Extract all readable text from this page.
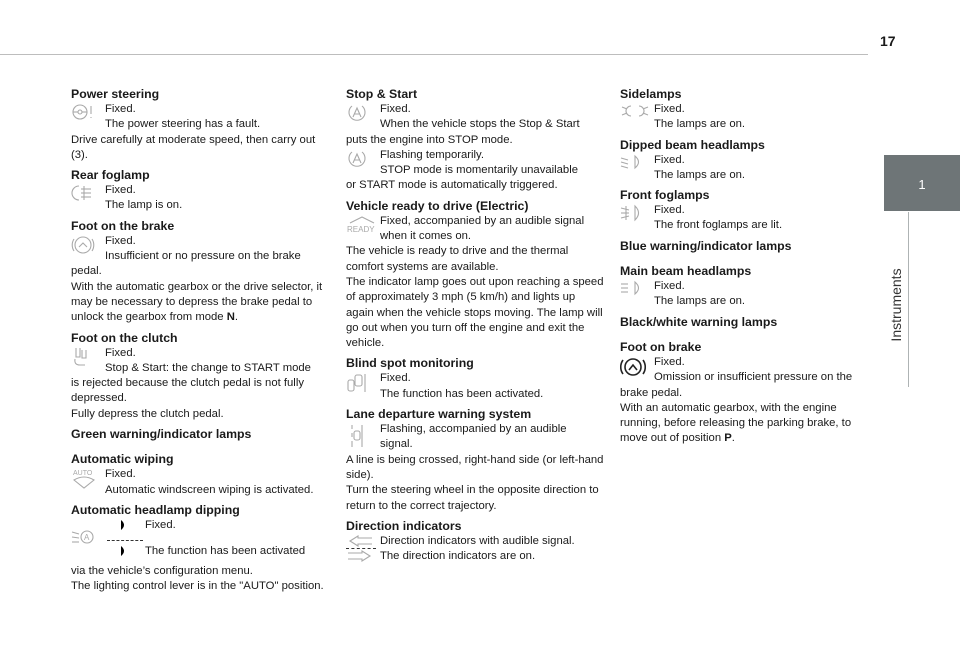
17
1
Instruments

Power steering

Fixed.

The power steering has a fault.

Drive carefully at moderate speed, then carry out (3).

Rear foglamp

Fixed.

The lamp is on.

Foot on the brake

Fixed.

Insufficient or no pressure on the brake

pedal.

With the automatic gearbox or the drive selector, it may be necessary to depress the brake pedal to unlock the gearbox from mode N.

Foot on the clutch

Fixed.

Stop & Start: the change to START mode

is rejected because the clutch pedal is not fully depressed.

Fully depress the clutch pedal.

Green warning/indicator lamps

Automatic wiping

AUTO Fixed.

Automatic windscreen wiping is activated.

Automatic headlamp dipping

A

Fixed.

The function has been activated

via the vehicle’s configuration menu.

The lighting control lever is in the "AUTO" position.

Stop & Start

Fixed.

When the vehicle stops the Stop & Start

puts the engine into STOP mode.

Flashing temporarily.

STOP mode is momentarily unavailable

or START mode is automatically triggered.

Vehicle ready to drive (Electric)

READY

Fixed, accompanied by an audible signal

when it comes on.

The vehicle is ready to drive and the thermal comfort systems are available.

The indicator lamp goes out upon reaching a speed of approximately 3 mph (5 km/h) and lights up again when the vehicle stops moving. The lamp will go out when you turn off the engine and exit the vehicle.

Blind spot monitoring

Fixed.

The function has been activated.

Lane departure warning system

Flashing, accompanied by an audible

signal.

A line is being crossed, right-hand side (or left-hand side).

Turn the steering wheel in the opposite direction to return to the correct trajectory.

Direction indicators

Direction indicators with audible signal.

The direction indicators are on.

Sidelamps

Fixed.

The lamps are on.

Dipped beam headlamps

Fixed.

The lamps are on.

Front foglamps

Fixed.

The front foglamps are lit.

Blue warning/indicator lamps

Main beam headlamps

Fixed.

The lamps are on.

Black/white warning lamps

Foot on brake

Fixed.

Omission or insufficient pressure on the

brake pedal.

With an automatic gearbox, with the engine running, before releasing the parking brake, to move out of position P.
